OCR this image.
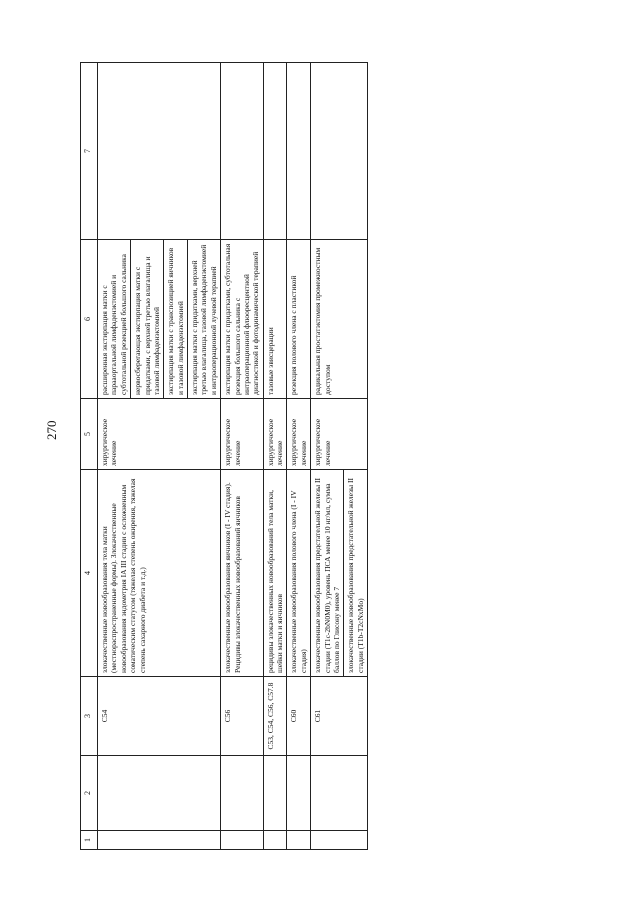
270
1	2	3	4	5	6	7
		C54	злокачественные новообразования тела матки (местнораспространенные формы). Злокачественные новообразования эндометрия IA III стадии с осложненным соматическим статусом (тяжелая степень ожирения, тяжелая степень сахарного диабета и т.д.)	хирургическое лечение	расширенная экстирпация матки с парааортальной лимфаденэктомией и субтотальной резекцией большого сальника	
					нервосберегающая экстирпация матки с придатками, с верхней третью влагалища и тазовой лимфаденэктомией	
					экстирпация матки с транспозицией яичников и тазовой лимфаденэктомией	
					экстирпация матки с придатками, верхней третью влагалища, тазовой лимфаденэктомией и интраоперационной лучевой терапией	
		C56	злокачественные новообразования яичников (I - IV стадия). Рецидивы злокачественных новообразований яичников	хирургическое лечение	экстирпация матки с придатками, субтотальная резекция большого сальника с интраоперационной флюоресцентной диагностикой и фотодинамической терапией	
		C53, C54, C56, C57.8	рецидивы злокачественных новообразований тела матки, шейки матки и яичников	хирургическое лечение	тазовые эвисцерации	
		C60	злокачественные новообразования полового члена (I - IV стадия)	хирургическое лечение	резекция полового члена с пластикой	
		C61	злокачественные новообразования предстательной железы II стадии (T1c-2bN0M0), уровень ПСА менее 10 нг/мл, сумма баллов по Глисону менее 7	хирургическое лечение	радикальная простатэктомия промежностным доступом	
			злокачественные новообразования предстательной железы II стадии (T1b-T2cNxMo)			
